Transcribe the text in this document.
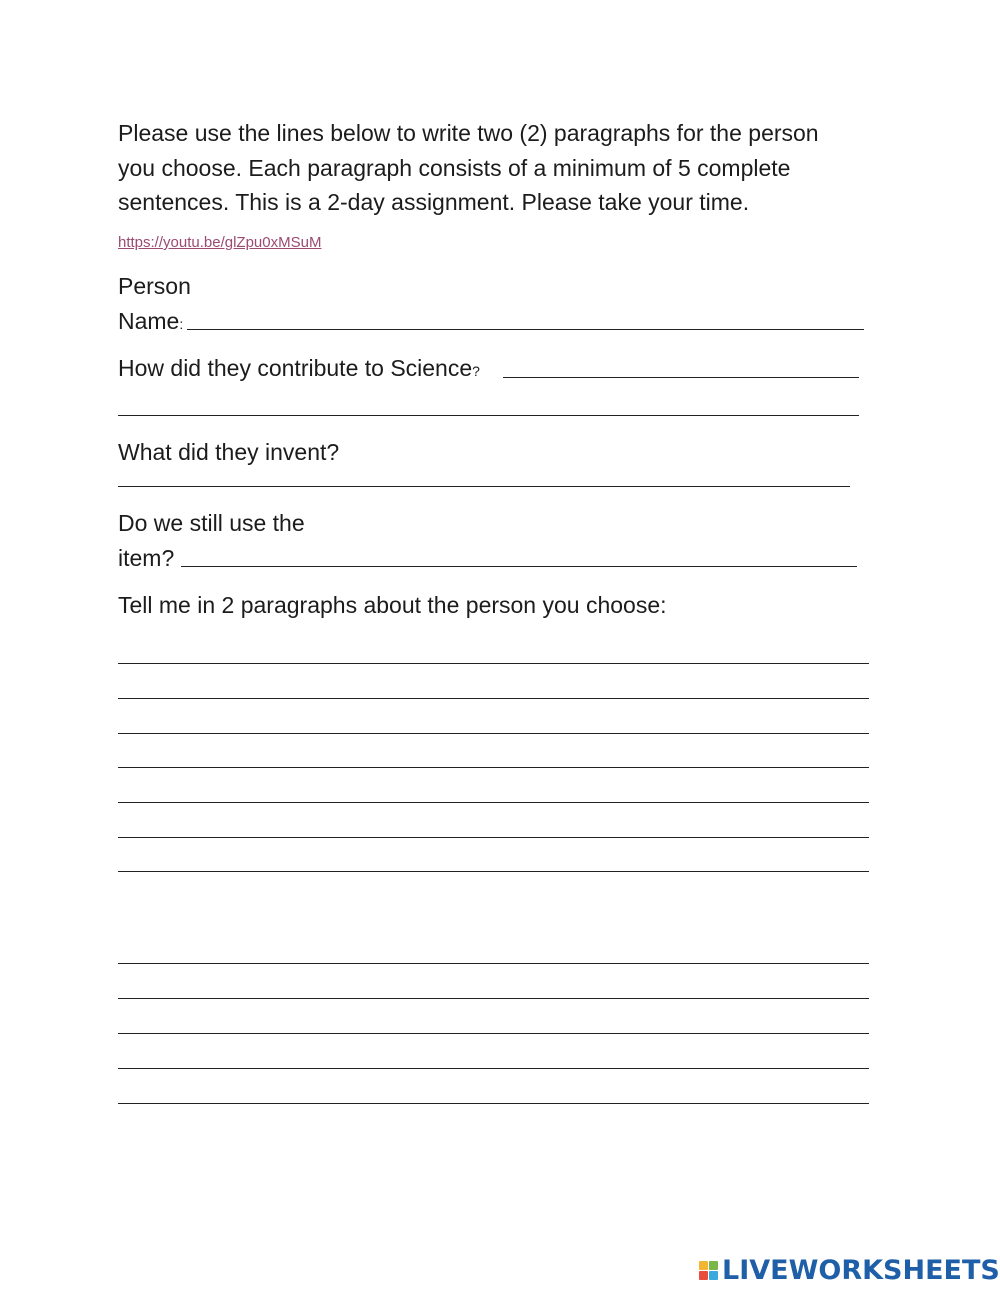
Please use the lines below to write two (2) paragraphs for the person
you choose. Each paragraph consists of a minimum of 5 complete
sentences. This is a 2-day assignment. Please take your time.
https://youtu.be/glZpu0xMSuM
Person
Name:
How did they contribute to Science?
What did they invent?
Do we still use the
item?
Tell me in 2 paragraphs about the person you choose:
LIVEWORKSHEETS
